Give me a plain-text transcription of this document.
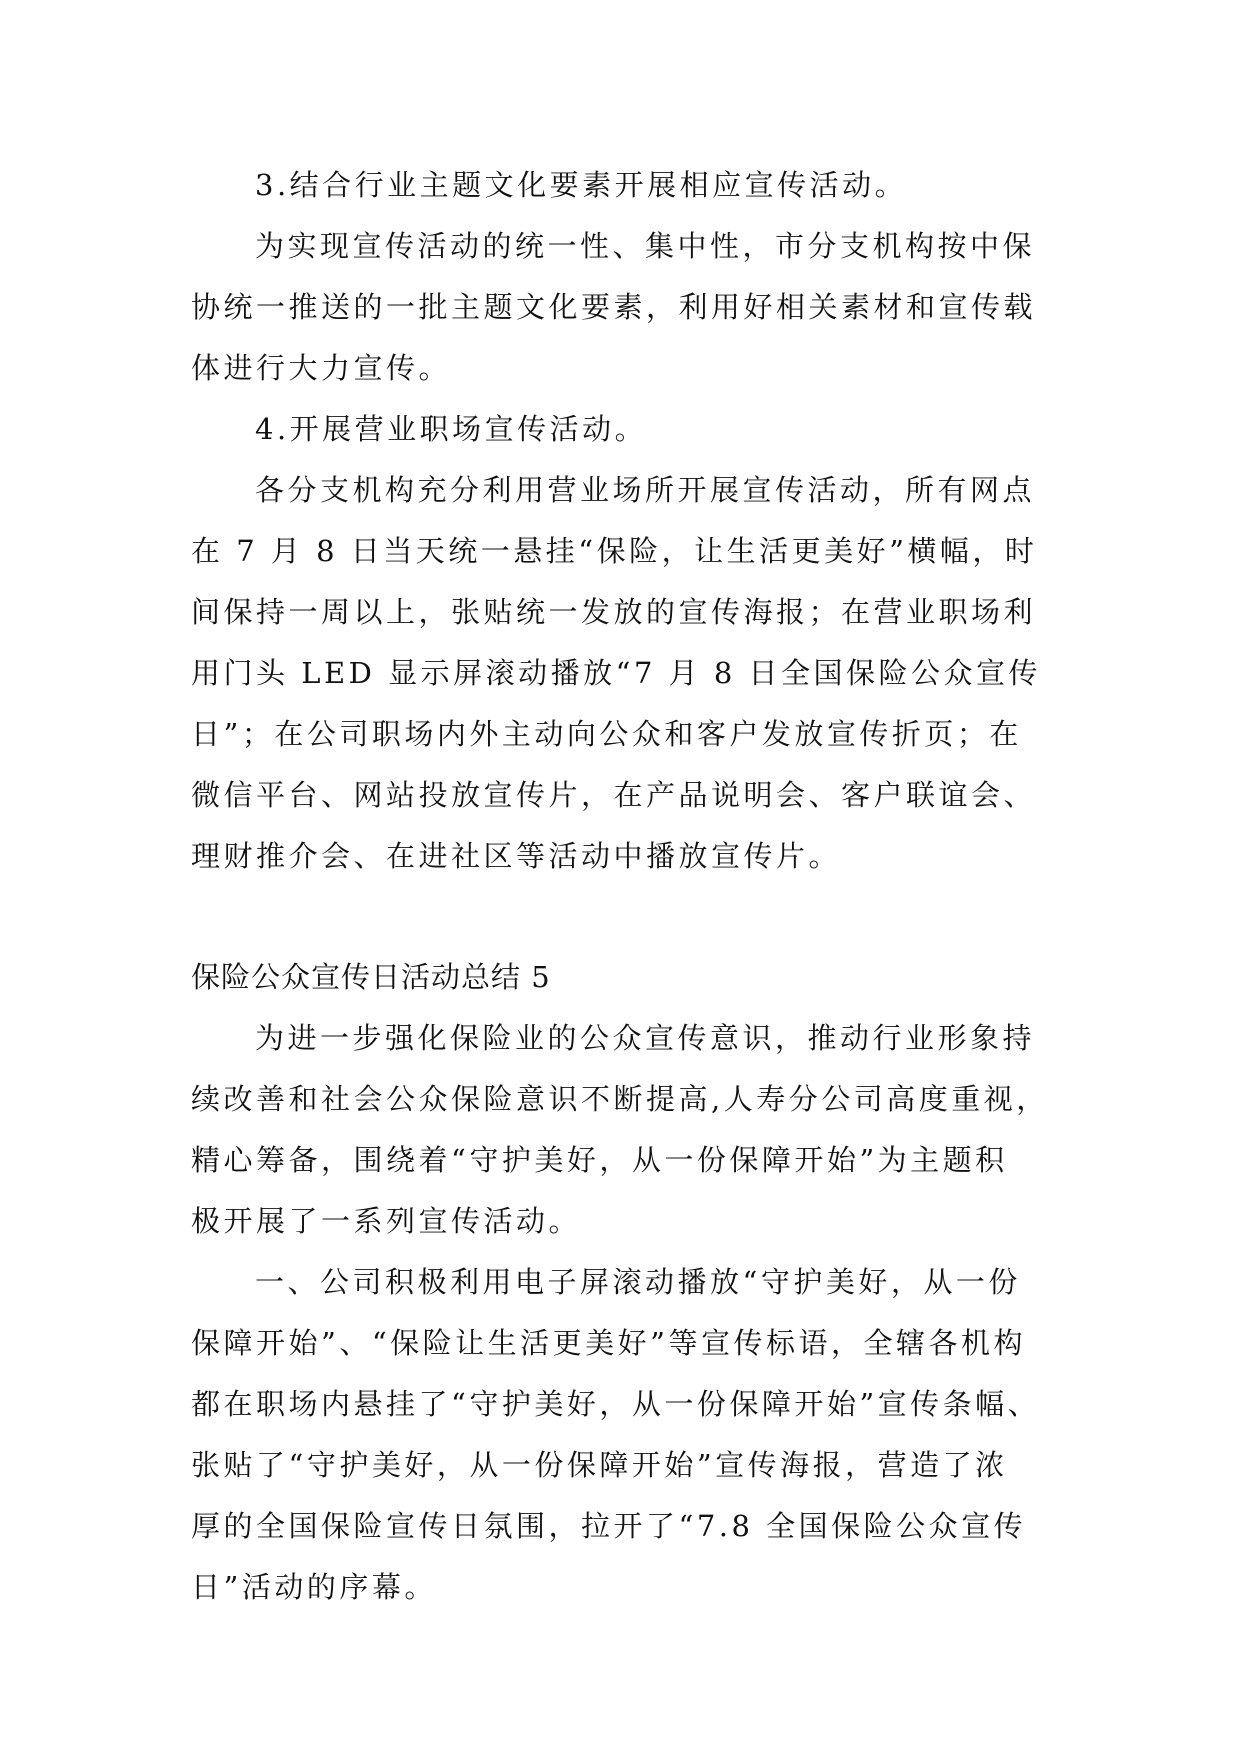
3.结合行业主题文化要素开展相应宣传活动。
为实现宣传活动的统一性、集中性，市分支机构按中保
协统一推送的一批主题文化要素，利用好相关素材和宣传载
体进行大力宣传。
4.开展营业职场宣传活动。
各分支机构充分利用营业场所开展宣传活动，所有网点
在 7 月 8 日当天统一悬挂“保险，让生活更美好”横幅，时
间保持一周以上，张贴统一发放的宣传海报；在营业职场利
用门头 LED 显示屏滚动播放“7 月 8 日全国保险公众宣传
日”；在公司职场内外主动向公众和客户发放宣传折页；在
微信平台、网站投放宣传片，在产品说明会、客户联谊会、
理财推介会、在进社区等活动中播放宣传片。
保险公众宣传日活动总结 5
为进一步强化保险业的公众宣传意识，推动行业形象持
续改善和社会公众保险意识不断提高,人寿分公司高度重视，
精心筹备，围绕着“守护美好，从一份保障开始”为主题积
极开展了一系列宣传活动。
一、公司积极利用电子屏滚动播放“守护美好，从一份
保障开始”、“保险让生活更美好”等宣传标语，全辖各机构
都在职场内悬挂了“守护美好，从一份保障开始”宣传条幅、
张贴了“守护美好，从一份保障开始”宣传海报，营造了浓
厚的全国保险宣传日氛围，拉开了“7.8 全国保险公众宣传
日”活动的序幕。
